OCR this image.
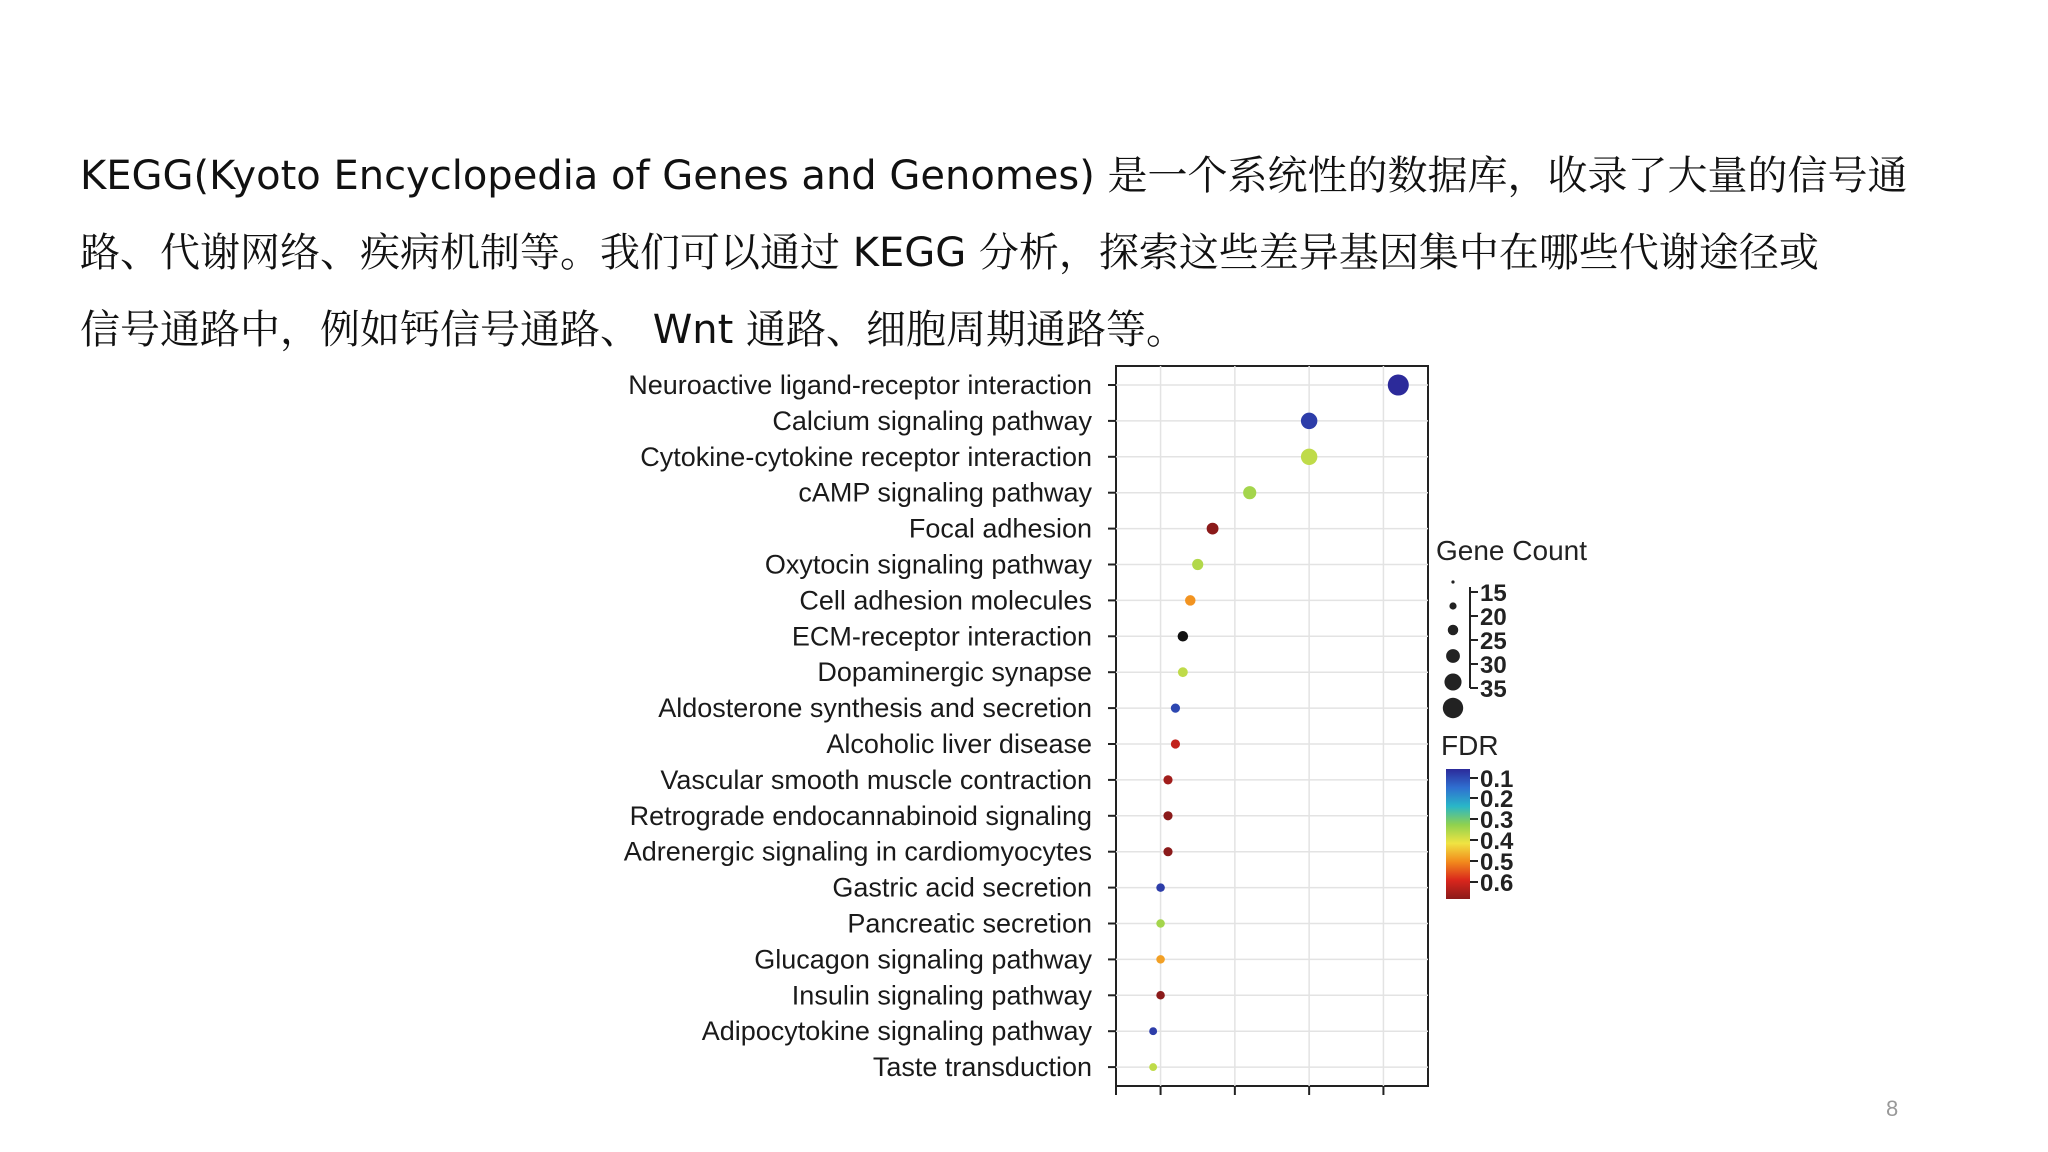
KEGG(Kyoto Encyclopedia of Genes and Genomes) 是一个系统性的数据库，收录了大量的信号通
路、代谢网络、疾病机制等。我们可以通过 KEGG 分析，探索这些差异基因集中在哪些代谢途径或
信号通路中，例如钙信号通路、 Wnt 通路、细胞周期通路等。
Neuroactive ligand-receptor interaction
Calcium signaling pathway
Cytokine-cytokine receptor interaction
cAMP signaling pathway
Focal adhesion
Oxytocin signaling pathway
Cell adhesion molecules
ECM-receptor interaction
Dopaminergic synapse
Aldosterone synthesis and secretion
Alcoholic liver disease
Vascular smooth muscle contraction
Retrograde endocannabinoid signaling
Adrenergic signaling in cardiomyocytes
Gastric acid secretion
Pancreatic secretion
Glucagon signaling pathway
Insulin signaling pathway
Adipocytokine signaling pathway
Taste transduction
Gene Count
15
20
25
30
35
FDR
0.1
0.2
0.3
0.4
0.5
0.6
8
